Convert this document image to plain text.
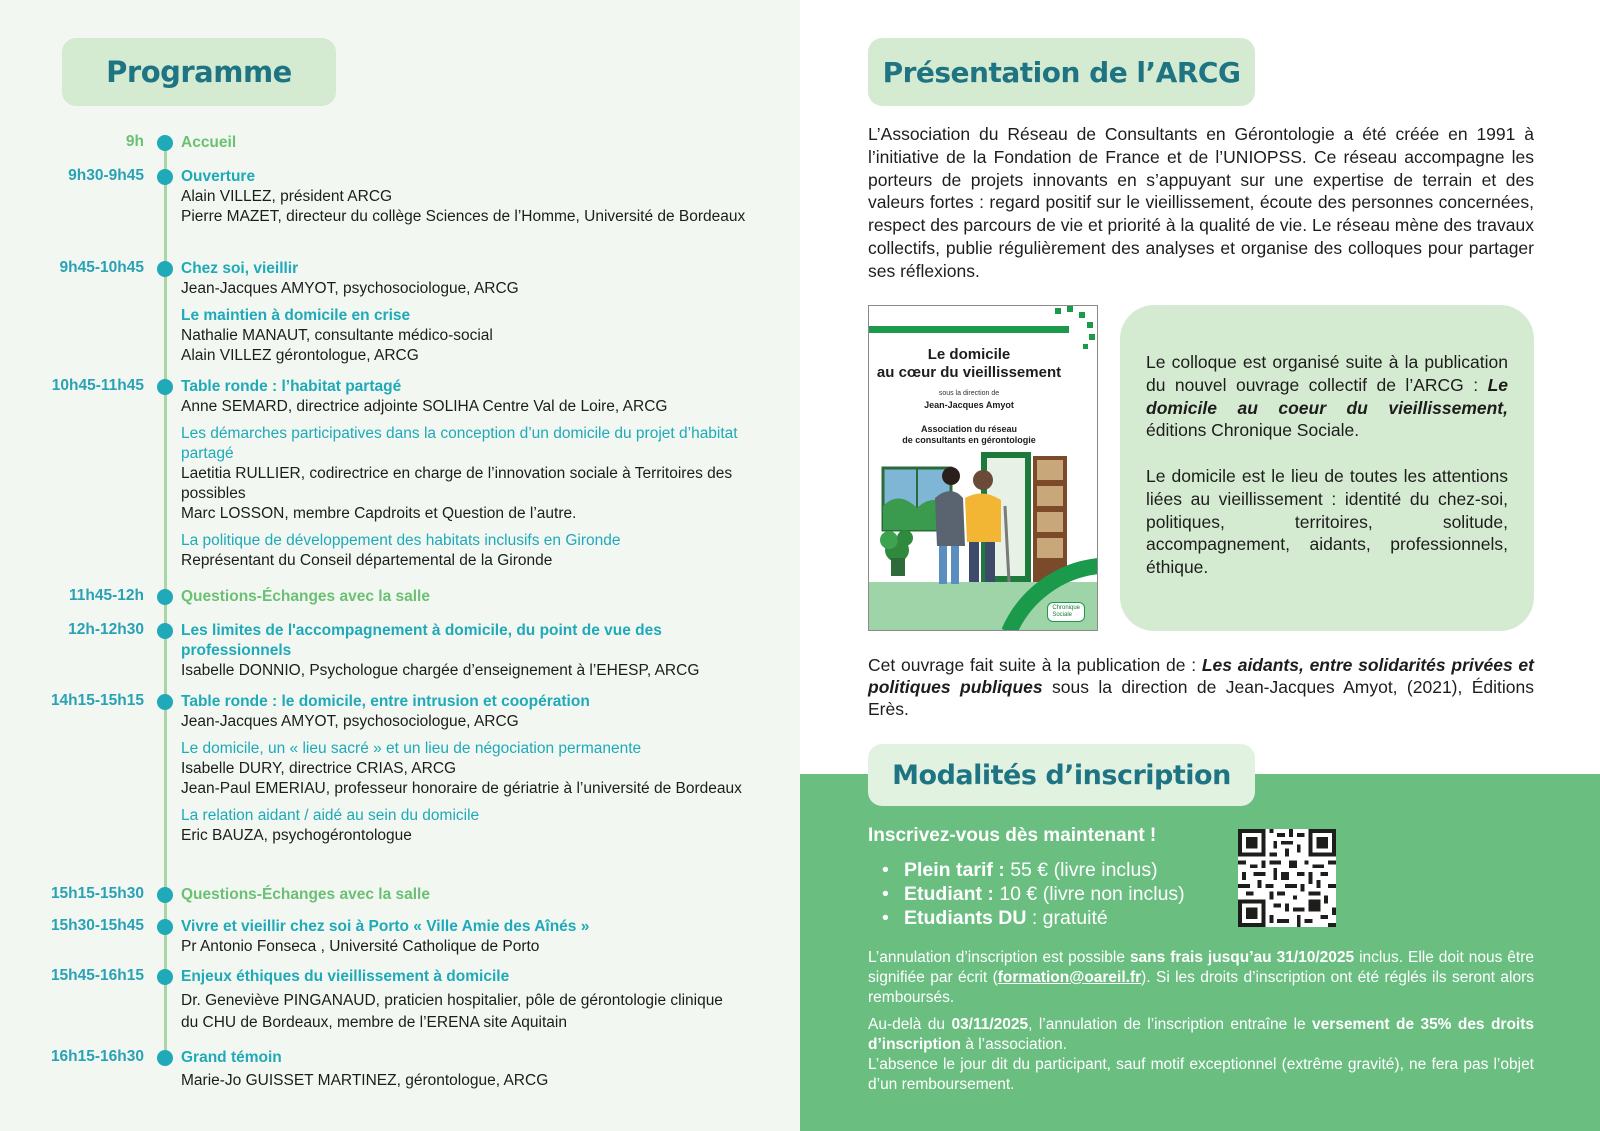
Programme
9h Accueil
9h30-9h45 Ouverture
Alain VILLEZ, président ARCG
Pierre MAZET, directeur du collège Sciences de l’Homme, Université de Bordeaux
9h45-10h45 Chez soi, vieillir
Jean-Jacques AMYOT, psychosociologue, ARCG
Le maintien à domicile en crise
Nathalie MANAUT, consultante médico-social
Alain VILLEZ gérontologue, ARCG
10h45-11h45 Table ronde : l’habitat partagé
Anne SEMARD, directrice adjointe SOLIHA Centre Val de Loire, ARCG
Les démarches participatives dans la conception d’un domicile du projet d’habitat partagé
Laetitia RULLIER, codirectrice en charge de l’innovation sociale à Territoires des possibles
Marc LOSSON, membre Capdroits et Question de l’autre.
La politique de développement des habitats inclusifs en Gironde
Représentant du Conseil départemental de la Gironde
11h45-12h Questions-Échanges avec la salle
12h-12h30 Les limites de l'accompagnement à domicile, du point de vue des professionnels
Isabelle DONNIO, Psychologue chargée d’enseignement à l’EHESP, ARCG
14h15-15h15 Table ronde : le domicile, entre intrusion et coopération
Jean-Jacques AMYOT, psychosociologue, ARCG
Le domicile, un « lieu sacré » et un lieu de négociation permanente
Isabelle DURY, directrice CRIAS, ARCG
Jean-Paul EMERIAU, professeur honoraire de gériatrie à l’université de Bordeaux
La relation aidant / aidé au sein du domicile
Eric BAUZA, psychogérontologue
15h15-15h30 Questions-Échanges avec la salle
15h30-15h45 Vivre et vieillir chez soi à Porto « Ville Amie des Aînés »
Pr Antonio Fonseca , Université Catholique de Porto
15h45-16h15 Enjeux éthiques du vieillissement à domicile
Dr. Geneviève PINGANAUD, praticien hospitalier, pôle de gérontologie clinique du CHU de Bordeaux, membre de l’ERENA site Aquitain
16h15-16h30 Grand témoin
Marie-Jo GUISSET MARTINEZ, gérontologue, ARCG
Présentation de l’ARCG

L’Association du Réseau de Consultants en Gérontologie a été créée en 1991 à l’initiative de la Fondation de France et de l’UNIOPSS. Ce réseau accompagne les porteurs de projets innovants en s’appuyant sur une expertise de terrain et des valeurs fortes : regard positif sur le vieillissement, écoute des personnes concernées, respect des parcours de vie et priorité à la qualité de vie. Le réseau mène des travaux collectifs, publie régulièrement des analyses et organise des colloques pour partager ses réflexions.

Le domicile
au cœur du vieillissement
sous la direction de
Jean-Jacques Amyot
Association du réseau
de consultants en gérontologie
Chronique
Sociale

Le colloque est organisé suite à la publication du nouvel ouvrage collectif de l’ARCG : Le domicile au coeur du vieillissement, éditions Chronique Sociale.

Le domicile est le lieu de toutes les attentions liées au vieillissement : identité du chez-soi, politiques, territoires, solitude, accompagnement, aidants, professionnels, éthique.

Cet ouvrage fait suite à la publication de : Les aidants, entre solidarités privées et politiques publiques sous la direction de Jean-Jacques Amyot, (2021), Éditions Erès.

Modalités d’inscription
Inscrivez-vous dès maintenant !
• Plein tarif : 55 € (livre inclus)
• Etudiant : 10 € (livre non inclus)
• Etudiants DU : gratuité

L’annulation d’inscription est possible sans frais jusqu’au 31/10/2025 inclus. Elle doit nous être signifiée par écrit (formation@oareil.fr). Si les droits d’inscription ont été réglés ils seront alors remboursés.

Au-delà du 03/11/2025, l’annulation de l’inscription entraîne le versement de 35% des droits d’inscription à l’association.
L’absence le jour dit du participant, sauf motif exceptionnel (extrême gravité), ne fera pas l’objet d’un remboursement.
